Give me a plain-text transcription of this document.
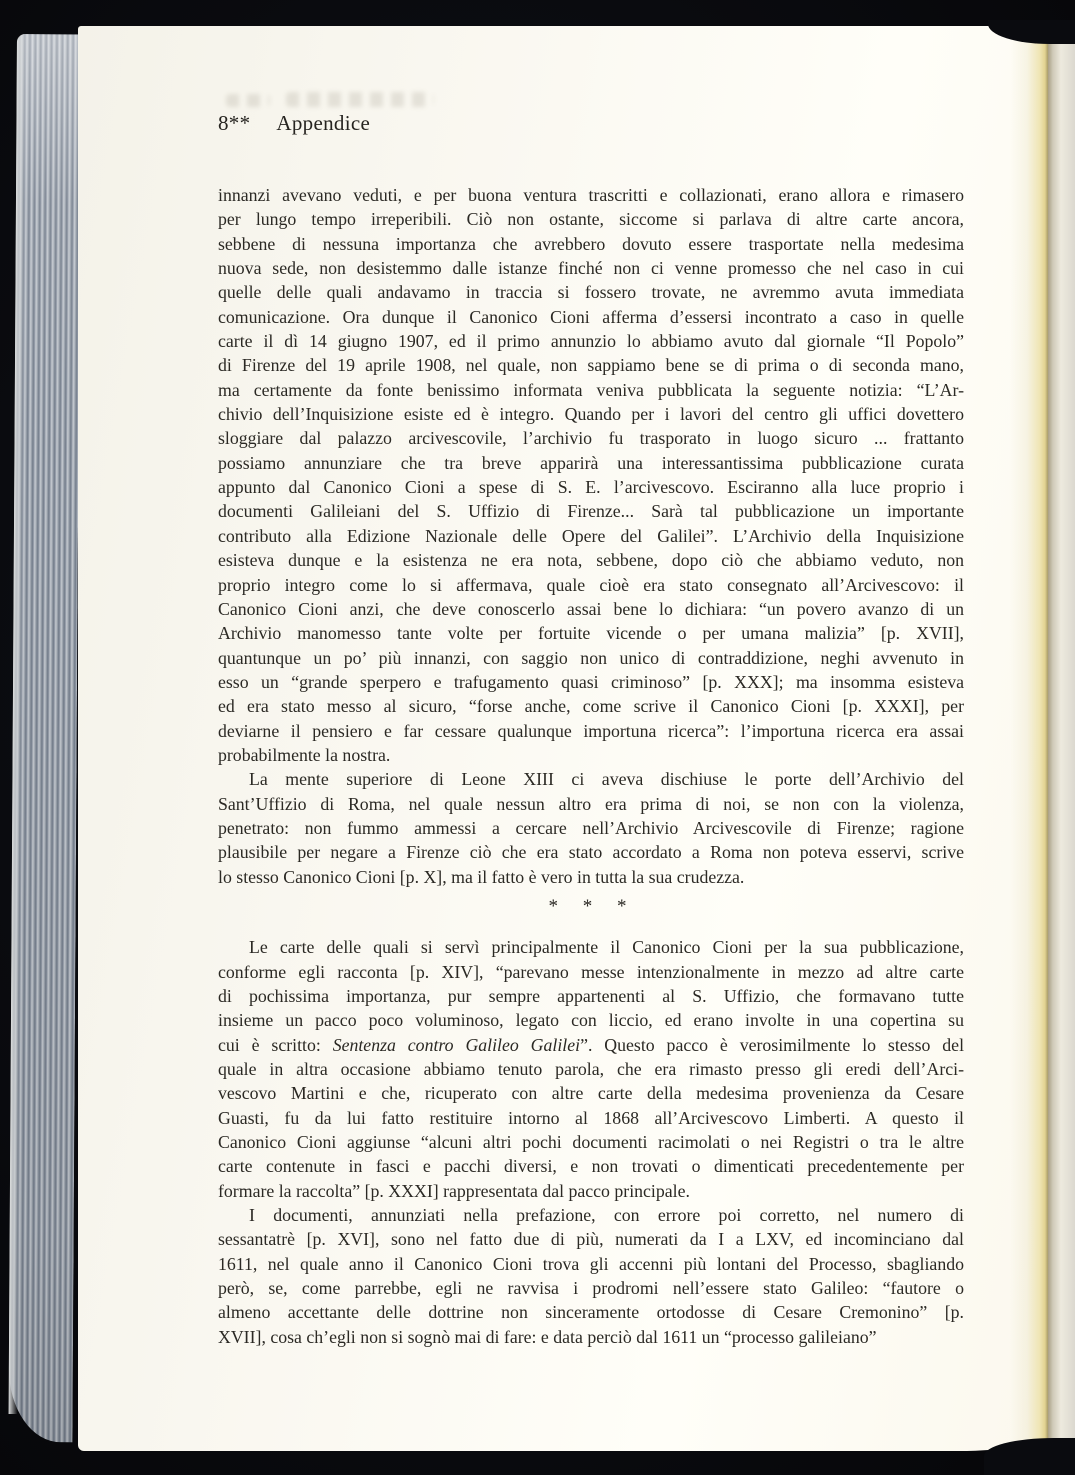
8** Appendice
innanzi avevano veduti, e per buona ventura trascritti e collazionati, erano allora e rimasero
per lungo tempo irreperibili. Ciò non ostante, siccome si parlava di altre carte ancora,
sebbene di nessuna importanza che avrebbero dovuto essere trasportate nella medesima
nuova sede, non desistemmo dalle istanze finché non ci venne promesso che nel caso in cui
quelle delle quali andavamo in traccia si fossero trovate, ne avremmo avuta immediata
comunicazione. Ora dunque il Canonico Cioni afferma d’essersi incontrato a caso in quelle
carte il dì 14 giugno 1907, ed il primo annunzio lo abbiamo avuto dal giornale “Il Popolo”
di Firenze del 19 aprile 1908, nel quale, non sappiamo bene se di prima o di seconda mano,
ma certamente da fonte benissimo informata veniva pubblicata la seguente notizia: “L’Ar-
chivio dell’Inquisizione esiste ed è integro. Quando per i lavori del centro gli uffici dovettero
sloggiare dal palazzo arcivescovile, l’archivio fu trasporato in luogo sicuro ... frattanto
possiamo annunziare che tra breve apparirà una interessantissima pubblicazione curata
appunto dal Canonico Cioni a spese di S. E. l’arcivescovo. Esciranno alla luce proprio i
documenti Galileiani del S. Uffizio di Firenze... Sarà tal pubblicazione un importante
contributo alla Edizione Nazionale delle Opere del Galilei”. L’Archivio della Inquisizione
esisteva dunque e la esistenza ne era nota, sebbene, dopo ciò che abbiamo veduto, non
proprio integro come lo si affermava, quale cioè era stato consegnato all’Arcivescovo: il
Canonico Cioni anzi, che deve conoscerlo assai bene lo dichiara: “un povero avanzo di un
Archivio manomesso tante volte per fortuite vicende o per umana malizia” [p. XVII],
quantunque un po’ più innanzi, con saggio non unico di contraddizione, neghi avvenuto in
esso un “grande sperpero e trafugamento quasi criminoso” [p. XXX]; ma insomma esisteva
ed era stato messo al sicuro, “forse anche, come scrive il Canonico Cioni [p. XXXI], per
deviarne il pensiero e far cessare qualunque importuna ricerca”: l’importuna ricerca era assai
probabilmente la nostra.
La mente superiore di Leone XIII ci aveva dischiuse le porte dell’Archivio del
Sant’Uffizio di Roma, nel quale nessun altro era prima di noi, se non con la violenza,
penetrato: non fummo ammessi a cercare nell’Archivio Arcivescovile di Firenze; ragione
plausibile per negare a Firenze ciò che era stato accordato a Roma non poteva esservi, scrive
lo stesso Canonico Cioni [p. X], ma il fatto è vero in tutta la sua crudezza.
* * *
Le carte delle quali si servì principalmente il Canonico Cioni per la sua pubblicazione,
conforme egli racconta [p. XIV], “parevano messe intenzionalmente in mezzo ad altre carte
di pochissima importanza, pur sempre appartenenti al S. Uffizio, che formavano tutte
insieme un pacco poco voluminoso, legato con liccio, ed erano involte in una copertina su
cui è scritto: Sentenza contro Galileo Galilei”. Questo pacco è verosimilmente lo stesso del
quale in altra occasione abbiamo tenuto parola, che era rimasto presso gli eredi dell’Arci-
vescovo Martini e che, ricuperato con altre carte della medesima provenienza da Cesare
Guasti, fu da lui fatto restituire intorno al 1868 all’Arcivescovo Limberti. A questo il
Canonico Cioni aggiunse “alcuni altri pochi documenti racimolati o nei Registri o tra le altre
carte contenute in fasci e pacchi diversi, e non trovati o dimenticati precedentemente per
formare la raccolta” [p. XXXI] rappresentata dal pacco principale.
I documenti, annunziati nella prefazione, con errore poi corretto, nel numero di
sessantatrè [p. XVI], sono nel fatto due di più, numerati da I a LXV, ed incominciano dal
1611, nel quale anno il Canonico Cioni trova gli accenni più lontani del Processo, sbagliando
però, se, come parrebbe, egli ne ravvisa i prodromi nell’essere stato Galileo: “fautore o
almeno accettante delle dottrine non sinceramente ortodosse di Cesare Cremonino” [p.
XVII], cosa ch’egli non si sognò mai di fare: e data perciò dal 1611 un “processo galileiano”
